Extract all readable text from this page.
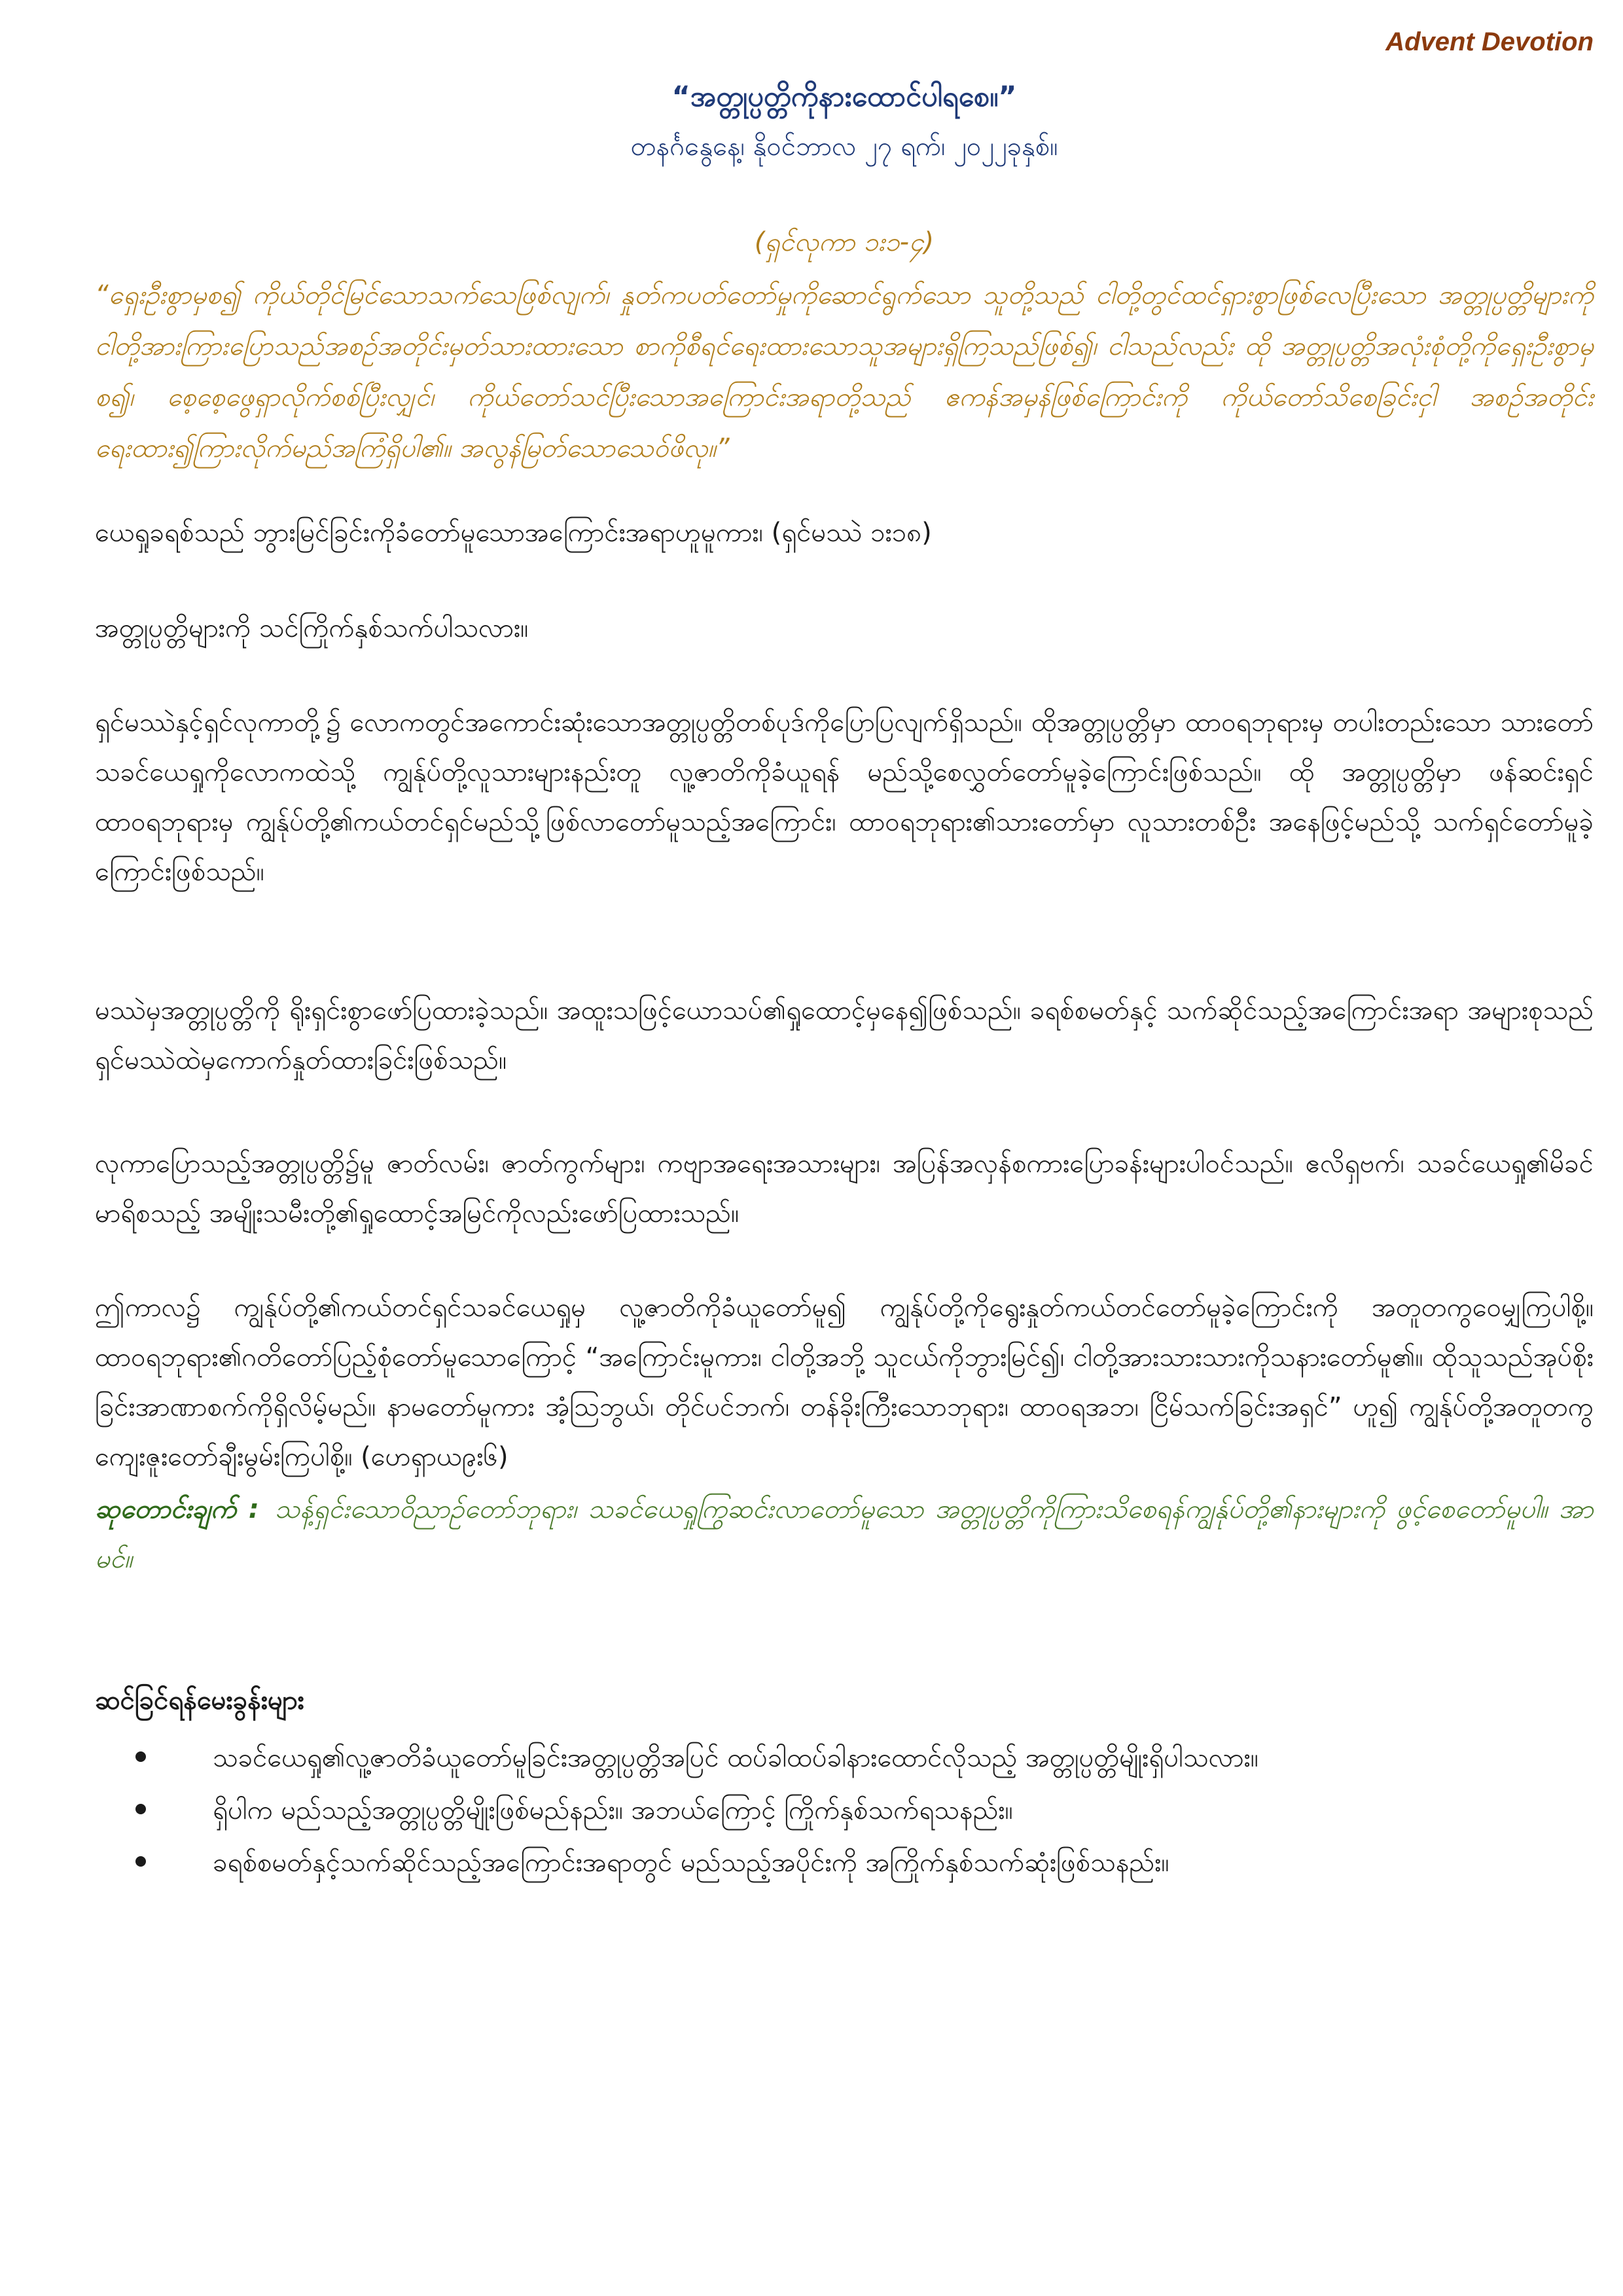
Advent Devotion
“အတ္တုပ္ပတ္တိကိုနားထောင်ပါရစေ။”
တနင်္ဂနွေနေ့၊ နိုဝင်ဘာလ ၂၇ ရက်၊ ၂၀၂၂ခုနှစ်။
(ရှင်လုကာ ၁း၁-၄)
“ရှေးဦးစွာမှစ၍ ကိုယ်တိုင်မြင်သောသက်သေဖြစ်လျက်၊ နှုတ်ကပတ်တော်မှုကိုဆောင်ရွက်သော သူတို့သည် ငါတို့တွင်ထင်ရှားစွာဖြစ်လေပြီးသော အတ္တုပ္ပတ္တိများကို ငါတို့အားကြားပြောသည်အစဉ်အတိုင်းမှတ်သားထားသော စာကိုစီရင်ရေးထားသောသူအများရှိကြသည်ဖြစ်၍၊ ငါသည်လည်း ထို အတ္တုပ္ပတ္တိအလုံးစုံတို့ကိုရှေးဦးစွာမှစ၍၊ စေ့စေ့ဖွေရှာလိုက်စစ်ပြီးလျှင်၊ ကိုယ်တော်သင်ပြီးသောအကြောင်းအရာတို့သည် ဧကန်အမှန်ဖြစ်ကြောင်းကို ကိုယ်တော်သိစေခြင်းငှါ အစဉ်အတိုင်းရေးထား၍ကြားလိုက်မည်အကြံရှိပါ၏။ အလွန်မြတ်သောသေဝ်ဖိလု။”
ယေရှုခရစ်သည် ဘွားမြင်ခြင်းကိုခံတော်မူသောအကြောင်းအရာဟူမူကား၊ (ရှင်မဿဲ ၁း၁၈)
အတ္တုပ္ပတ္တိများကို သင်ကြိုက်နှစ်သက်ပါသလား။
ရှင်မဿဲနှင့်ရှင်လုကာတို့၌ လောကတွင်အကောင်းဆုံးသောအတ္တုပ္ပတ္တိတစ်ပုဒ်ကိုပြောပြလျက်ရှိသည်။ ထိုအတ္တုပ္ပတ္တိမှာ ထာဝရဘုရားမှ တပါးတည်းသော သားတော်သခင်ယေရှုကိုလောကထဲသို့ ကျွန်ုပ်တို့လူသားများနည်းတူ လူ့ဇာတိကိုခံယူရန် မည်သို့စေလွှတ်တော်မူခဲ့ကြောင်းဖြစ်သည်။ ထို အတ္တုပ္ပတ္တိမှာ ဖန်ဆင်းရှင်ထာဝရဘုရားမှ ကျွန်ုပ်တို့၏ကယ်တင်ရှင်မည်သို့ဖြစ်လာတော်မူသည့်အကြောင်း၊ ထာဝရဘုရား၏သားတော်မှာ လူသားတစ်ဦး အနေဖြင့်မည်သို့ သက်ရှင်တော်မူခဲ့ကြောင်းဖြစ်သည်။
မဿဲမှအတ္တုပ္ပတ္တိကို ရိုးရှင်းစွာဖော်ပြထားခဲ့သည်။ အထူးသဖြင့်ယောသပ်၏ရှုထောင့်မှနေ၍ဖြစ်သည်။ ခရစ်စမတ်နှင့် သက်ဆိုင်သည့်အကြောင်းအရာ အများစုသည် ရှင်မဿဲထဲမှကောက်နှုတ်ထားခြင်းဖြစ်သည်။
လုကာပြောသည့်အတ္တုပ္ပတ္တိ၌မူ ဇာတ်လမ်း၊ ဇာတ်ကွက်များ၊ ကဗျာအရေးအသားများ၊ အပြန်အလှန်စကားပြောခန်းများပါဝင်သည်။ ဧလိရှဗက်၊ သခင်ယေရှု၏မိခင်မာရိစသည့် အမျိုးသမီးတို့၏ရှုထောင့်အမြင်ကိုလည်းဖော်ပြထားသည်။
ဤကာလ၌ ကျွန်ုပ်တို့၏ကယ်တင်ရှင်သခင်ယေရှုမှ လူ့ဇာတိကိုခံယူတော်မူ၍ ကျွန်ုပ်တို့ကိုရွေးနှုတ်ကယ်တင်တော်မူခဲ့ကြောင်းကို အတူတကွဝေမျှကြပါစို့။ ထာဝရဘုရား၏ဂတိတော်ပြည့်စုံတော်မူသောကြောင့် “အကြောင်းမူကား၊ ငါတို့အဘို့ သူငယ်ကိုဘွားမြင်၍၊ ငါတို့အားသားသားကိုသနားတော်မူ၏။ ထိုသူသည်အုပ်စိုးခြင်းအာဏာစက်ကိုရှိလိမ့်မည်။ နာမတော်မူကား အံ့ဩဘွယ်၊ တိုင်ပင်ဘက်၊ တန်ခိုးကြီးသောဘုရား၊ ထာဝရအဘ၊ ငြိမ်သက်ခြင်းအရှင်” ဟူ၍ ကျွန်ုပ်တို့အတူတကွကျေးဇူးတော်ချီးမွမ်းကြပါစို့။ (ဟေရှာယ၉း၆)
ဆုတောင်းချက် : သန့်ရှင်းသောဝိညာဉ်တော်ဘုရား၊ သခင်ယေရှုကြွဆင်းလာတော်မူသော အတ္တုပ္ပတ္တိကိုကြားသိစေရန်ကျွန်ုပ်တို့၏နားများကို ဖွင့်စေတော်မူပါ။ အာမင်။
ဆင်ခြင်ရန်မေးခွန်းများ
သခင်ယေရှု၏လူ့ဇာတိခံယူတော်မူခြင်းအတ္တုပ္ပတ္တိအပြင် ထပ်ခါထပ်ခါနားထောင်လိုသည့် အတ္တုပ္ပတ္တိမျိုးရှိပါသလား။
ရှိပါက မည်သည့်အတ္တုပ္ပတ္တိမျိုးဖြစ်မည်နည်း။ အဘယ်ကြောင့် ကြိုက်နှစ်သက်ရသနည်း။
ခရစ်စမတ်နှင့်သက်ဆိုင်သည့်အကြောင်းအရာတွင် မည်သည့်အပိုင်းကို အကြိုက်နှစ်သက်ဆုံးဖြစ်သနည်း။
